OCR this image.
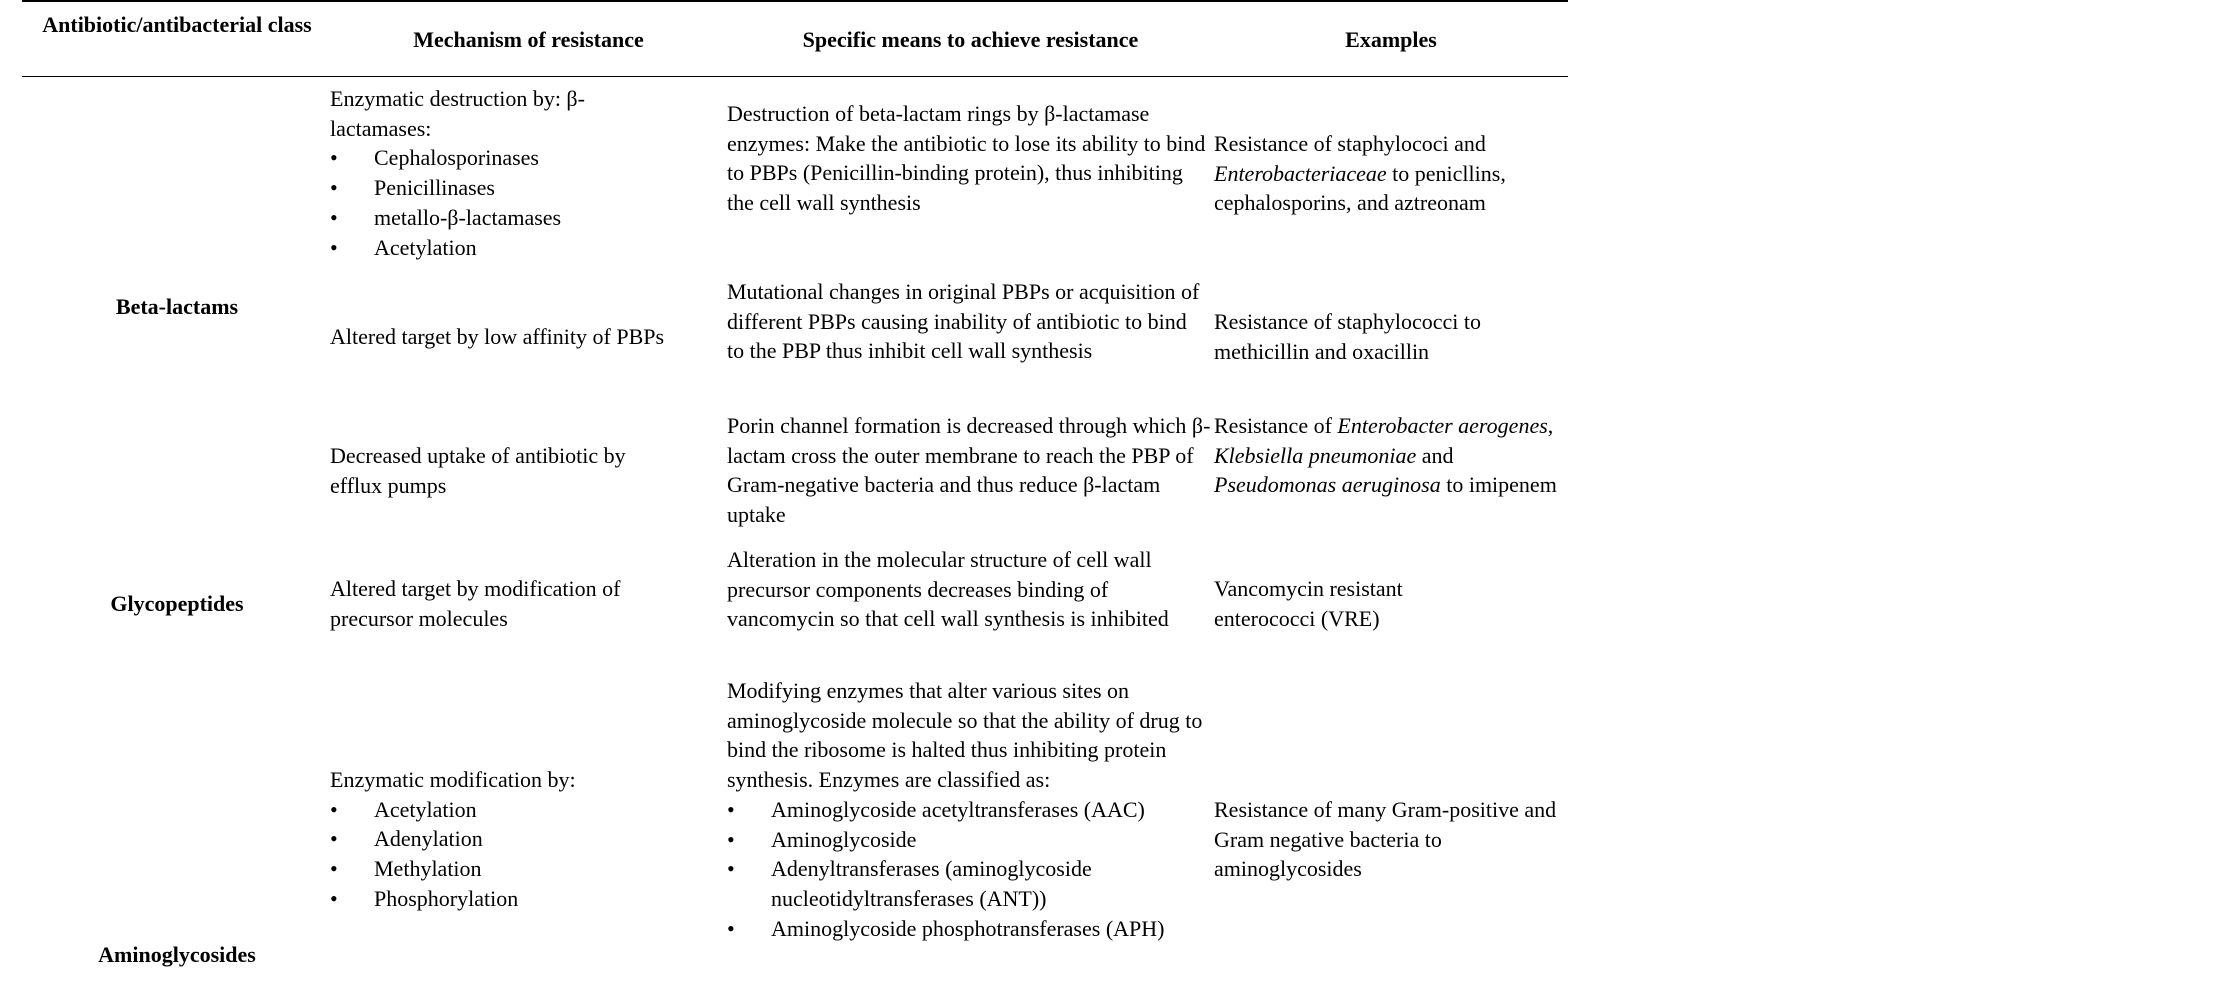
Antibiotic/antibacterial class
Mechanism of resistance	Specific means to achieve resistance	Examples
Beta-lactams
Glycopeptides
Aminoglycosides
Enzymatic destruction by: β-lactamases:
• Cephalosporinases
• Penicillinases
• metallo-β-lactamases
• Acetylation
Destruction of beta-lactam rings by β-lactamase enzymes: Make the antibiotic to lose its ability to bind to PBPs (Penicillin-binding protein), thus inhibiting the cell wall synthesis
Resistance of staphylococi and Enterobacteriaceae to penicllins, cephalosporins, and aztreonam
Altered target by low affinity of PBPs
Mutational changes in original PBPs or acquisition of different PBPs causing inability of antibiotic to bind to the PBP thus inhibit cell wall synthesis
Resistance of staphylococci to methicillin and oxacillin
Decreased uptake of antibiotic by efflux pumps
Porin channel formation is decreased through which β-lactam cross the outer membrane to reach the PBP of Gram-negative bacteria and thus reduce β-lactam uptake
Resistance of Enterobacter aerogenes, Klebsiella pneumoniae and Pseudomonas aeruginosa to imipenem
Altered target by modification of precursor molecules
Alteration in the molecular structure of cell wall precursor components decreases binding of vancomycin so that cell wall synthesis is inhibited
Vancomycin resistant enterococci (VRE)
Enzymatic modification by:
• Acetylation
• Adenylation
• Methylation
• Phosphorylation
Modifying enzymes that alter various sites on aminoglycoside molecule so that the ability of drug to bind the ribosome is halted thus inhibiting protein synthesis. Enzymes are classified as:
• Aminoglycoside acetyltransferases (AAC)
• Aminoglycoside
• Adenyltransferases (aminoglycoside nucleotidyltransferases (ANT))
• Aminoglycoside phosphotransferases (APH)
Resistance of many Gram-positive and Gram negative bacteria to aminoglycosides
